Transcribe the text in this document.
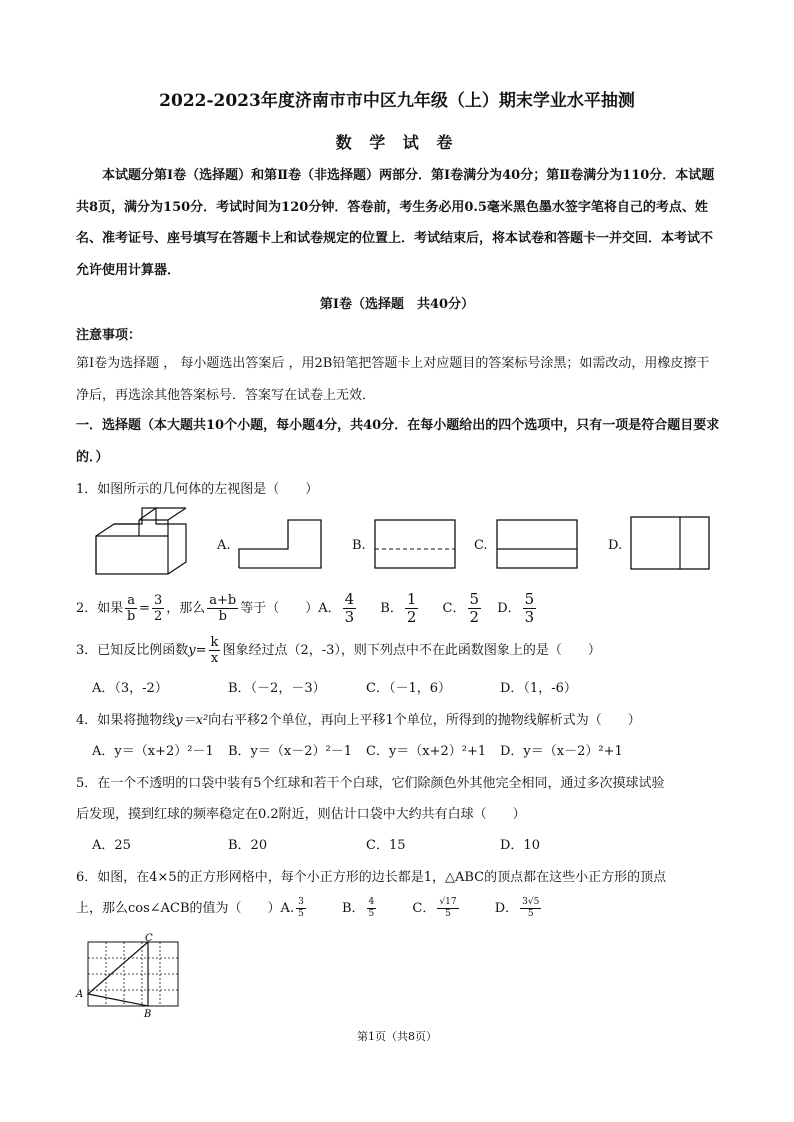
2022-2023年度济南市市中区九年级（上）期末学业水平抽测
数 学 试 卷
本试题分第Ⅰ卷（选择题）和第Ⅱ卷（非选择题）两部分．第Ⅰ卷满分为40分；第Ⅱ卷满分为110分．本试题共8页，满分为150分．考试时间为120分钟．答卷前，考生务必用0.5毫米黑色墨水签字笔将自己的考点、姓名、准考证号、座号填写在答题卡上和试卷规定的位置上．考试结束后，将本试卷和答题卡一并交回．本考试不允许使用计算器．
第Ⅰ卷（选择题　共40分）
注意事项：
第Ⅰ卷为选择题 ， 每小题选出答案后 ，用2B铅笔把答题卡上对应题目的答案标号涂黑；如需改动，用橡皮擦干净后，再选涂其他答案标号．答案写在试卷上无效．
一．选择题（本大题共10个小题，每小题4分，共40分．在每小题给出的四个选项中，只有一项是符合题目要求的．）
1．如图所示的几何体的左视图是（　　）
A.	B.	C.	D.
2．如果 $\frac{a}{b} = \frac{3}{2}$ ，那么 $\frac{a+b}{b}$ 等于（　　）A． $\frac{4}{3}$ B． $\frac{1}{2}$ C． $\frac{5}{2}$ D． $\frac{5}{3}$
3．已知反比例函数$y= \frac{k}{x}$ 图象经过点（2，-3），则下列点中不在此函数图象上的是（　　）
A．（3，-2）	B．（－2，－3）	C．（－1，6）	D．（1，-6）
4．如果将抛物线y＝x²向右平移2个单位，再向上平移1个单位，所得到的抛物线解析式为（　　）
A．y＝（x+2）²－1 B．y＝（x－2）²－1 C．y＝（x+2）²+1 D．y＝（x－2）²+1
5．在一个不透明的口袋中装有5个红球和若干个白球，它们除颜色外其他完全相同，通过多次摸球试验
后发现，摸到红球的频率稳定在0.2附近，则估计口袋中大约共有白球（　　）
A．25	B．20	C．15	D．10
6．如图，在4×5的正方形网格中，每个小正方形的边长都是1，△ABC的顶点都在这些小正方形的顶点
上，那么cos∠ACB的值为（　　）A. $\frac{3}{5}$	B． $\frac{4}{5}$	C． $\frac{√17}{5}$	D． $\frac{3√5}{5}$
C
A
B
第1页（共8页）
